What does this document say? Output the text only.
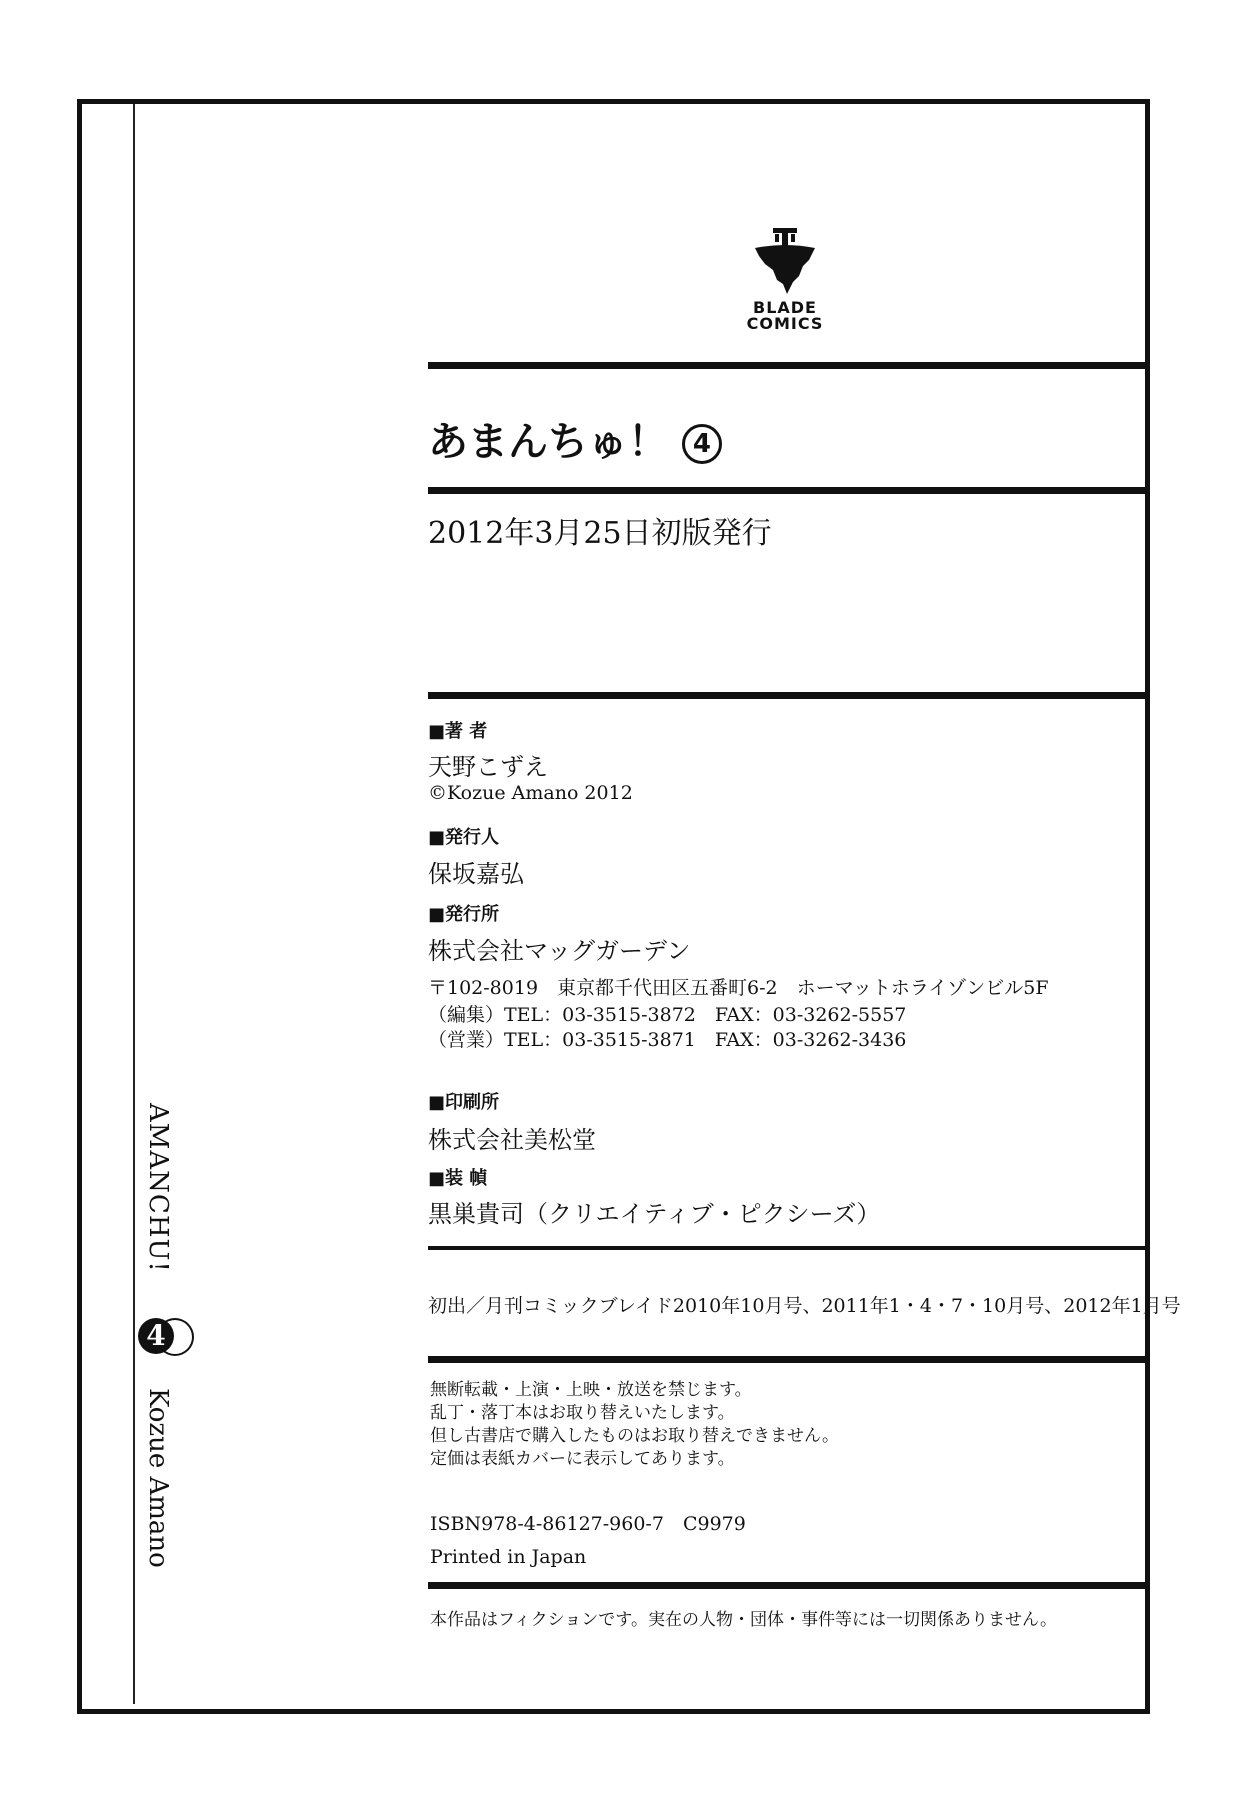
BLADE
COMICS
あまんちゅ！ 4
2012年3月25日初版発行
■著 者
天野こずえ
©Kozue Amano 2012
■発行人
保坂嘉弘
■発行所
株式会社マッグガーデン
〒102-8019　東京都千代田区五番町6-2　ホーマットホライゾンビル5F
（編集）TEL：03-3515-3872　FAX：03-3262-5557
（営業）TEL：03-3515-3871　FAX：03-3262-3436
■印刷所
株式会社美松堂
■装 幀
黒巣貴司（クリエイティブ・ピクシーズ）
初出／月刊コミックブレイド2010年10月号、2011年1・4・7・10月号、2012年1月号
無断転載・上演・上映・放送を禁じます。
乱丁・落丁本はお取り替えいたします。
但し古書店で購入したものはお取り替えできません。
定価は表紙カバーに表示してあります。
ISBN978-4-86127-960-7　C9979
Printed in Japan
本作品はフィクションです。実在の人物・団体・事件等には一切関係ありません。
AMANCHU!
4
Kozue Amano
